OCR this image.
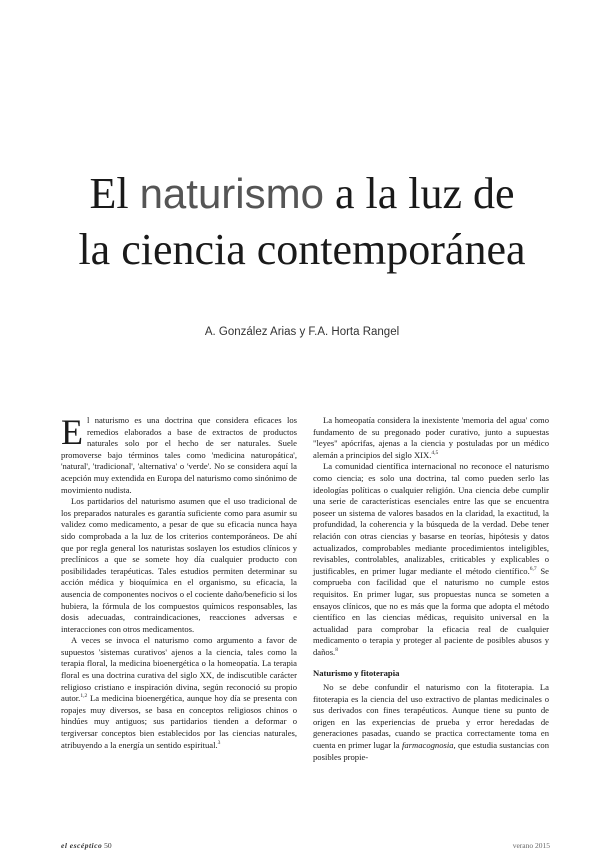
El naturismo a la luz de
la ciencia contemporánea
A. González Arias y F.A. Horta Rangel

El naturismo es una doctrina que considera eficaces los remedios elaborados a base de extractos de productos naturales solo por el hecho de ser naturales. Suele promoverse bajo términos tales como 'medicina naturopática', 'natural', 'tradicional', 'alternativa' o 'verde'. No se considera aquí la acepción muy extendida en Europa del naturismo como sinónimo de movimiento nudista.

Los partidarios del naturismo asumen que el uso tradicional de los preparados naturales es garantía suficiente como para asumir su validez como medicamento, a pesar de que su eficacia nunca haya sido comprobada a la luz de los criterios contemporáneos. De ahí que por regla general los naturistas soslayen los estudios clínicos y preclínicos a que se somete hoy día cualquier producto con posibilidades terapéuticas. Tales estudios permiten determinar su acción médica y bioquímica en el organismo, su eficacia, la ausencia de componentes nocivos o el cociente daño/beneficio si los hubiera, la fórmula de los compuestos químicos responsables, las dosis adecuadas, contraindicaciones, reacciones adversas e interacciones con otros medicamentos.

A veces se invoca el naturismo como argumento a favor de supuestos 'sistemas curativos' ajenos a la ciencia, tales como la terapia floral, la medicina bioenergética o la homeopatía. La terapia floral es una doctrina curativa del siglo XX, de indiscutible carácter religioso cristiano e inspiración divina, según reconoció su propio autor.$^{1,2}$ La medicina bioenergética, aunque hoy día se presenta con ropajes muy diversos, se basa en conceptos religiosos chinos o hindúes muy antiguos; sus partidarios tienden a deformar o tergiversar conceptos bien establecidos por las ciencias naturales, atribuyendo a la energía un sentido espiritual.$^3$

La homeopatía considera la inexistente 'memoria del agua' como fundamento de su pregonado poder curativo, junto a supuestas "leyes" apócrifas, ajenas a la ciencia y postuladas por un médico alemán a principios del siglo XIX.$^{4,5}$

La comunidad científica internacional no reconoce el naturismo como ciencia; es solo una doctrina, tal como pueden serlo las ideologías políticas o cualquier religión. Una ciencia debe cumplir una serie de características esenciales entre las que se encuentra poseer un sistema de valores basados en la claridad, la exactitud, la profundidad, la coherencia y la búsqueda de la verdad. Debe tener relación con otras ciencias y basarse en teorías, hipótesis y datos actualizados, comprobables mediante procedimientos inteligibles, revisables, controlables, analizables, criticables y explicables o justificables, en primer lugar mediante el método científico.$^{6,7}$ Se comprueba con facilidad que el naturismo no cumple estos requisitos. En primer lugar, sus propuestas nunca se someten a ensayos clínicos, que no es más que la forma que adopta el método científico en las ciencias médicas, requisito universal en la actualidad para comprobar la eficacia real de cualquier medicamento o terapia y proteger al paciente de posibles abusos y daños.$^8$

Naturismo y fitoterapia

No se debe confundir el naturismo con la fitoterapia. La fitoterapia es la ciencia del uso extractivo de plantas medicinales o sus derivados con fines terapéuticos. Aunque tiene su punto de origen en las experiencias de prueba y error heredadas de generaciones pasadas, cuando se practica correctamente toma en cuenta en primer lugar la farmacognosia, que estudia sustancias con posibles propie-

el escéptico 50	verano 2015
